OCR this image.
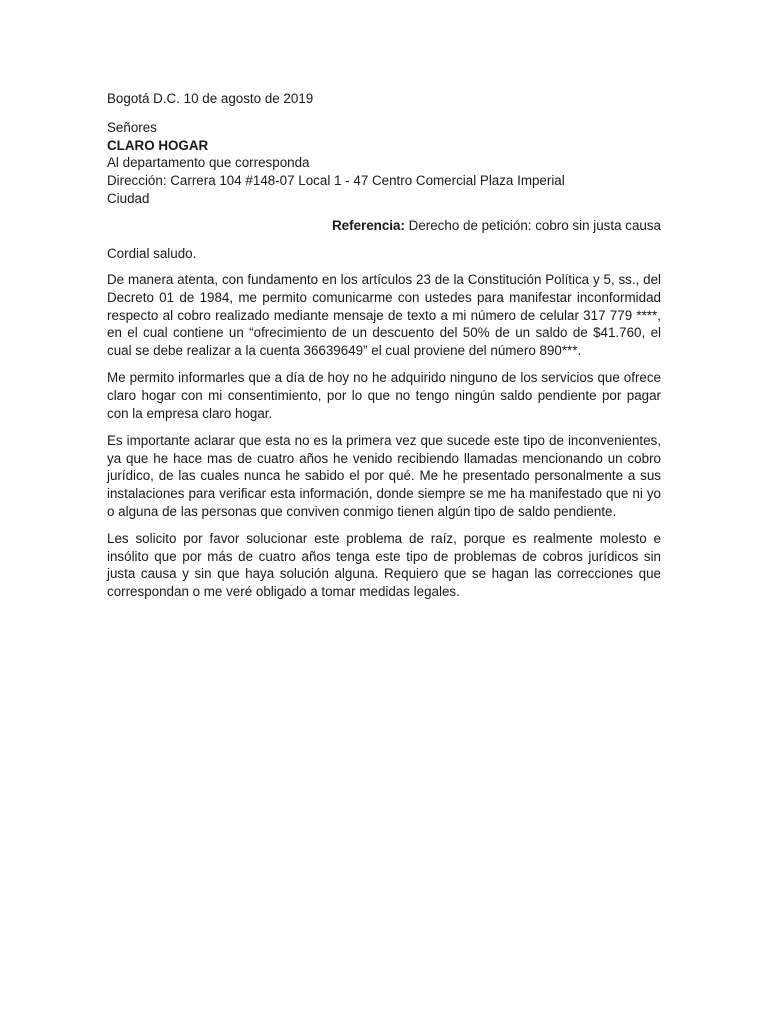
Bogotá D.C. 10 de agosto de 2019
Señores
CLARO HOGAR
Al departamento que corresponda
Dirección: Carrera 104 #148-07 Local 1 - 47 Centro Comercial Plaza Imperial
Ciudad
Referencia: Derecho de petición: cobro sin justa causa
Cordial saludo.

De manera atenta, con fundamento en los artículos 23 de la Constitución Política y 5, ss., del Decreto 01 de 1984, me permito comunicarme con ustedes para manifestar inconformidad respecto al cobro realizado mediante mensaje de texto a mi número de celular 317 779 ****, en el cual contiene un “ofrecimiento de un descuento del 50% de un saldo de $41.760, el cual se debe realizar a la cuenta 36639649” el cual proviene del número 890***.

Me permito informarles que a día de hoy no he adquirido ninguno de los servicios que ofrece claro hogar con mi consentimiento, por lo que no tengo ningún saldo pendiente por pagar con la empresa claro hogar.

Es importante aclarar que esta no es la primera vez que sucede este tipo de inconvenientes, ya que he hace mas de cuatro años he venido recibiendo llamadas mencionando un cobro jurídico, de las cuales nunca he sabido el por qué. Me he presentado personalmente a sus instalaciones para verificar esta información, donde siempre se me ha manifestado que ni yo o alguna de las personas que conviven conmigo tienen algún tipo de saldo pendiente.

Les solicito por favor solucionar este problema de raíz, porque es realmente molesto e insólito que por más de cuatro años tenga este tipo de problemas de cobros jurídicos sin justa causa y sin que haya solución alguna. Requiero que se hagan las correcciones que correspondan o me veré obligado a tomar medidas legales.
